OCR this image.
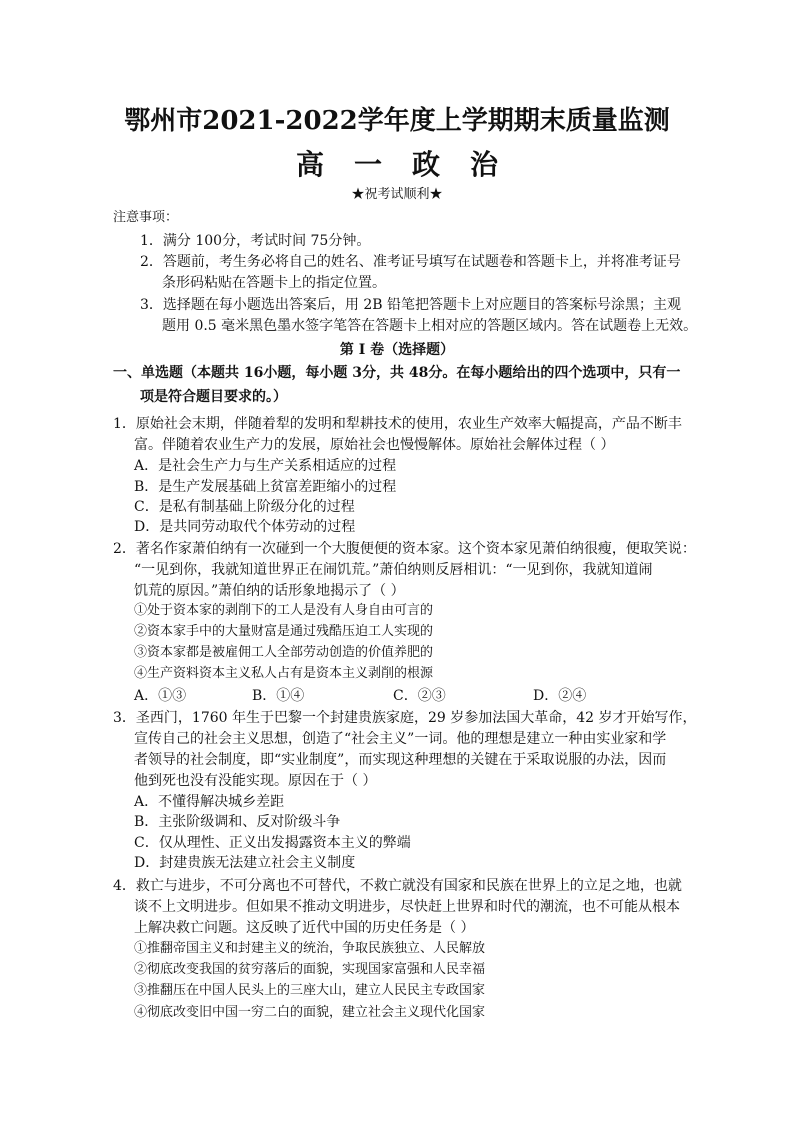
鄂州市2021-2022学年度上学期期末质量监测
高一政治
★祝考试顺利★
注意事项：
1．满分 100分，考试时间 75分钟。
2．答题前，考生务必将自己的姓名、准考证号填写在试题卷和答题卡上，并将准考证号
条形码粘贴在答题卡上的指定位置。
3．选择题在每小题选出答案后，用 2B 铅笔把答题卡上对应题目的答案标号涂黑；主观
题用 0.5 毫米黑色墨水签字笔答在答题卡上相对应的答题区域内。答在试题卷上无效。
第 I 卷（选择题）
一、单选题（本题共 16小题，每小题 3分，共 48分。在每小题给出的四个选项中，只有一
项是符合题目要求的。）
1．原始社会末期，伴随着犁的发明和犁耕技术的使用，农业生产效率大幅提高，产品不断丰
富。伴随着农业生产力的发展，原始社会也慢慢解体。原始社会解体过程（ ）
A．是社会生产力与生产关系相适应的过程
B．是生产发展基础上贫富差距缩小的过程
C．是私有制基础上阶级分化的过程
D．是共同劳动取代个体劳动的过程
2．著名作家萧伯纳有一次碰到一个大腹便便的资本家。这个资本家见萧伯纳很瘦，便取笑说：
“一见到你，我就知道世界正在闹饥荒。”萧伯纳则反唇相讥：“一见到你，我就知道闹
饥荒的原因。”萧伯纳的话形象地揭示了（ ）
①处于资本家的剥削下的工人是没有人身自由可言的
②资本家手中的大量财富是通过残酷压迫工人实现的
③资本家都是被雇佣工人全部劳动创造的价值养肥的
④生产资料资本主义私人占有是资本主义剥削的根源
A．①③	B．①④	C．②③	D．②④
3．圣西门，1760 年生于巴黎一个封建贵族家庭，29 岁参加法国大革命，42 岁才开始写作，
宣传自己的社会主义思想，创造了“社会主义”一词。他的理想是建立一种由实业家和学
者领导的社会制度，即“实业制度”，而实现这种理想的关键在于采取说服的办法，因而
他到死也没有没能实现。原因在于（ ）
A．不懂得解决城乡差距
B．主张阶级调和、反对阶级斗争
C．仅从理性、正义出发揭露资本主义的弊端
D．封建贵族无法建立社会主义制度
4．救亡与进步，不可分离也不可替代，不救亡就没有国家和民族在世界上的立足之地，也就
谈不上文明进步。但如果不推动文明进步，尽快赶上世界和时代的潮流，也不可能从根本
上解决救亡问题。这反映了近代中国的历史任务是（ ）
①推翻帝国主义和封建主义的统治，争取民族独立、人民解放
②彻底改变我国的贫穷落后的面貌，实现国家富强和人民幸福
③推翻压在中国人民头上的三座大山，建立人民民主专政国家
④彻底改变旧中国一穷二白的面貌，建立社会主义现代化国家
